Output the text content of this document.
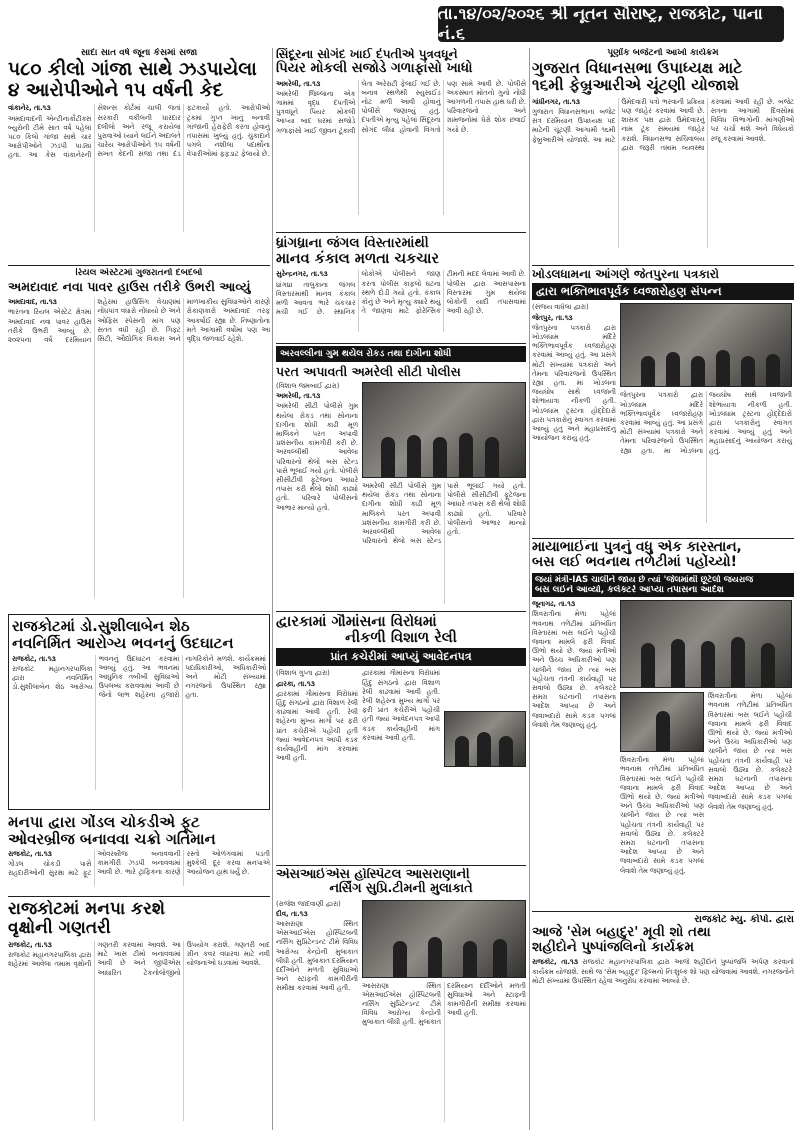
તા.૧૪/૦૨/૨૦૨૬ શ્રી નૂતન સૌરાષ્ટ્ર, રાજકોટ, પાના નં.૬
સાદા સાત વર્ષ જૂના કેસમાં સજા
૫૮૦ કીલો ગાંજા સાથે ઝડપાયેલા
૪ આરોપીઓને ૧૫ વર્ષની કેદ

વાંકાનેર, તા.૧૩

અમદાવાદની એન્ટીનાર્કોટીક્સ બ્યુરોની ટીમે સાત વર્ષ પહેલાં ૫૮૦ કિલો ગાંજા સાથે ચાર આરોપીઓને ઝડપી પાડ્યા હતા. આ કેસ વાંકાનેરની સેશન્સ કોર્ટમાં ચાલી જતાં સરકારી વકીલની ધારદાર દલીલો અને રજૂ કરાયેલા પુરાવાઓ ધ્યાને લઈને અદાલતે ચારેય આરોપીઓને ૧૫ વર્ષની સખત કેદની સજા તથા દંડ ફટકાર્યો હતો. આરોપીઓ ટ્રકમાં ગુપ્ત ખાનું બનાવી ગાંજાની હેરાફેરી કરતા હોવાનું તપાસમાં ખુલ્યું હતું. ચુકાદાને પગલે નશીલા પદાર્થોના વેપારીઓમાં ફફડાટ ફેલાયો છે.

સિંદૂરના સોગંદ ખાઈ દંપતીએ પુત્રવધૂને
પિયર મોકલી સજોડે ગળાફાંસો ખાધો

અમરેલી, તા.૧૩

અમરેલી જિલ્લાના એક ગામમાં વૃદ્ધ દંપતીએ પુત્રવધૂને પિયર મોકલી આપ્યા બાદ ઘરમાં સજોડે ગળાફાંસો ખાઈ જીવન ટૂંકાવી લેતા અરેરાટી ફેલાઈ ગઈ છે. બનાવ સ્થળેથી સ્યુસાઈડ નોટ મળી આવી હોવાનું પોલીસે જણાવ્યું હતું. દંપતીએ મૃત્યુ પહેલાં સિંદૂરના સોગંદ લીધા હોવાની વિગતો પણ સામે આવી છે. પોલીસે અકસ્માત મોતનો ગુનો નોંધી આગળની તપાસ હાથ ધરી છે. પરિવારજનો અને ગ્રામજનોમાં ઘેરો શોક છવાઈ ગયો છે.

પૂર્ણાંક બજેટનો આખો કાર્યક્રમ
ગુજરાત વિધાનસભા ઉપાધ્યક્ષ માટે
૧૬મી ફેબ્રુઆરીએ ચૂંટણી યોજાશે

ગાંધીનગર, તા.૧૩

ગુજરાત વિધાનસભાના બજેટ સત્ર દરમિયાન ઉપાધ્યક્ષ પદ માટેની ચૂંટણી આગામી ૧૬મી ફેબ્રુઆરીએ યોજાશે. આ માટે ઉમેદવારી પત્રો ભરવાની પ્રક્રિયા પણ જાહેર કરવામાં આવી છે. શાસક પક્ષ દ્વારા ઉમેદવારનું નામ ટૂંક સમયમાં જાહેર કરાશે. વિધાનસભા સચિવાલય દ્વારા જરૂરી તમામ વ્યવસ્થા કરવામાં આવી રહી છે. બજેટ સત્રના આગામી દિવસોમાં વિવિધ વિભાગોની માંગણીઓ પર ચર્ચા થશે અને વિધેયકો રજૂ કરવામાં આવશે.

ધ્રાંગધ્રાના જંગલ વિસ્તારમાંથી
માનવ કંકાલ મળતા ચકચાર

સુરેન્દ્રનગર, તા.૧૩

ધ્રાંગધ્રા તાલુકાના જંગલ વિસ્તારમાંથી માનવ કંકાલ મળી આવતા ભારે ચકચાર મચી ગઈ છે. સ્થાનિક લોકોએ પોલીસને જાણ કરતા પોલીસ કાફલો ઘટના સ્થળે દોડી ગયો હતો. કંકાલ કોનું છે અને મૃત્યુ ક્યારે થયું તે જાણવા માટે ફોરેન્સિક ટીમની મદદ લેવામાં આવી છે. પોલીસ દ્વારા આસપાસના વિસ્તારમાં ગુમ થયેલા લોકોની યાદી તપાસવામાં આવી રહી છે.

રિયલ એસ્ટેટમાં ગુજરાતનો દબદબો
અમદાવાદ નવા પાવર હાઉસ તરીકે ઉભરી આવ્યું

અમદાવાદ, તા.૧૩

ભારતના રિયલ એસ્ટેટ ક્ષેત્રમાં અમદાવાદ નવા પાવર હાઉસ તરીકે ઉભરી આવ્યું છે. ૨૦૨૫ના વર્ષ દરમિયાન શહેરમાં હાઉસિંગ વેચાણમાં નોંધપાત્ર વધારો નોંધાયો છે અને ઓફિસ સ્પેસની માંગ પણ સતત વધી રહી છે. ગિફ્ટ સિટી, ઔદ્યોગિક વિકાસ અને માળખાકીય સુવિધાઓને કારણે રોકાણકારો અમદાવાદ તરફ આકર્ષાઈ રહ્યા છે. નિષ્ણાતોના મતે આગામી વર્ષોમાં પણ આ વૃદ્ધિ જળવાઈ રહેશે.

ખોડલધામના આંગણે જેતપુરના પત્રકારો
દ્વારા ભક્તિભાવપૂર્વક ધ્વજારોહણ સંપન્ન

(સંજય વાઘેલા દ્વારા)

જેતપુર, તા.૧૩

જેતપુરના પત્રકારો દ્વારા ખોડલધામ મંદિરે ભક્તિભાવપૂર્વક ધ્વજારોહણ કરવામાં આવ્યું હતું. આ પ્રસંગે મોટી સંખ્યામાં પત્રકારો અને તેમના પરિવારજનો ઉપસ્થિત રહ્યા હતા. મા ખોડલના જયઘોષ સાથે ધ્વજાની શોભાયાત્રા નીકળી હતી. ખોડલધામ ટ્રસ્ટના હોદ્દેદારો દ્વારા પત્રકારોનું સ્વાગત કરવામાં આવ્યું હતું અને મહાપ્રસાદનું આયોજન કરાયું હતું.

જેતપુરના પત્રકારો દ્વારા ખોડલધામ મંદિરે ભક્તિભાવપૂર્વક ધ્વજારોહણ કરવામાં આવ્યું હતું. આ પ્રસંગે મોટી સંખ્યામાં પત્રકારો અને તેમના પરિવારજનો ઉપસ્થિત રહ્યા હતા. મા ખોડલના જયઘોષ સાથે ધ્વજાની શોભાયાત્રા નીકળી હતી. ખોડલધામ ટ્રસ્ટના હોદ્દેદારો દ્વારા પત્રકારોનું સ્વાગત કરવામાં આવ્યું હતું અને મહાપ્રસાદનું આયોજન કરાયું હતું.

અરવલ્લીના ગુમ થયેલ રોકડ તથા દાગીના શોધી
પરત અપાવતી અમરેલી સીટી પોલીસ

(વિશાલ જમબાઈ દ્વારા)

અમરેલી, તા.૧૩

અમરેલી સીટી પોલીસે ગુમ થયેલા રોકડ તથા સોનાના દાગીના શોધી કાઢી મૂળ માલિકને પરત અપાવી પ્રશંસનીય કામગીરી કરી છે. અરવલ્લીથી આવેલા પરિવારનો થેલો બસ સ્ટેન્ડ પાસે ભૂલાઈ ગયો હતો. પોલીસે સીસીટીવી ફૂટેજના આધારે તપાસ કરી થેલો શોધી કાઢ્યો હતો. પરિવારે પોલીસનો આભાર માન્યો હતો.

અમરેલી સીટી પોલીસે ગુમ થયેલા રોકડ તથા સોનાના દાગીના શોધી કાઢી મૂળ માલિકને પરત અપાવી પ્રશંસનીય કામગીરી કરી છે. અરવલ્લીથી આવેલા પરિવારનો થેલો બસ સ્ટેન્ડ પાસે ભૂલાઈ ગયો હતો. પોલીસે સીસીટીવી ફૂટેજના આધારે તપાસ કરી થેલો શોધી કાઢ્યો હતો. પરિવારે પોલીસનો આભાર માન્યો હતો.

માયાભાઈના પુત્રનું વધુ એક કારસ્તાન,
બસ લઈ ભવનાથ તળેટીમાં પહોંચ્યો!
જયાં મંત્રી-IAS ચાલીને જાય છે ત્યાં 'જેલમાંથી છૂટેલો જયરાજ
બસ લઈને આવ્યો, કલેક્ટરે આપ્યા તપાસના આદેશ

જૂનાગઢ, તા.૧૩

શિવરાત્રીના મેળા પહેલાં ભવનાથ તળેટીમાં પ્રતિબંધિત વિસ્તારમાં બસ લઈને પહોંચી જવાના મામલે ફરી વિવાદ ઊભો થયો છે. જ્યાં મંત્રીઓ અને ઉચ્ચ અધિકારીઓ પણ ચાલીને જાય છે ત્યાં બસ પહોંચતા તંત્રની કાર્યવાહી પર સવાલો ઉઠ્યા છે. કલેક્ટરે સમગ્ર ઘટનાની તપાસના આદેશ આપ્યા છે અને જવાબદારો સામે કડક પગલાં લેવાશે તેમ જણાવ્યું હતું.

શિવરાત્રીના મેળા પહેલાં ભવનાથ તળેટીમાં પ્રતિબંધિત વિસ્તારમાં બસ લઈને પહોંચી જવાના મામલે ફરી વિવાદ ઊભો થયો છે. જ્યાં મંત્રીઓ અને ઉચ્ચ અધિકારીઓ પણ ચાલીને જાય છે ત્યાં બસ પહોંચતા તંત્રની કાર્યવાહી પર સવાલો ઉઠ્યા છે. કલેક્ટરે સમગ્ર ઘટનાની તપાસના આદેશ આપ્યા છે અને જવાબદારો સામે કડક પગલાં લેવાશે તેમ જણાવ્યું હતું.

શિવરાત્રીના મેળા પહેલાં ભવનાથ તળેટીમાં પ્રતિબંધિત વિસ્તારમાં બસ લઈને પહોંચી જવાના મામલે ફરી વિવાદ ઊભો થયો છે. જ્યાં મંત્રીઓ અને ઉચ્ચ અધિકારીઓ પણ ચાલીને જાય છે ત્યાં બસ પહોંચતા તંત્રની કાર્યવાહી પર સવાલો ઉઠ્યા છે. કલેક્ટરે સમગ્ર ઘટનાની તપાસના આદેશ આપ્યા છે અને જવાબદારો સામે કડક પગલાં લેવાશે તેમ જણાવ્યું હતું.

રાજકોટમાં ડો.સુશીલાબેન શેઠ
નવનિર્મિત આરોગ્ય ભવનનું ઉદઘાટન

રાજકોટ, તા.૧૩

રાજકોટ મહાનગરપાલિકા દ્વારા નવનિર્મિત ડો.સુશીલાબેન શેઠ આરોગ્ય ભવનનું ઉદઘાટન કરવામાં આવ્યું હતું. આ ભવનમાં આધુનિક તબીબી સુવિધાઓ ઉપલબ્ધ કરાવવામાં આવી છે જેનો લાભ શહેરના હજારો નાગરિકોને મળશે. કાર્યક્રમમાં પદાધિકારીઓ, અધિકારીઓ અને મોટી સંખ્યામાં નગરજનો ઉપસ્થિત રહ્યા હતા.

દ્વારકામાં ગૌમાંસના વિરોધમાં
નીકળી વિશાળ રેલી
પ્રાંત કચેરીમાં આપ્યું આવેદનપત્ર

(વિશાલ ગુપ્તા દ્વારા)

દ્વારકા, તા.૧૩

દ્વારકામાં ગૌમાંસના વિરોધમાં હિંદુ સંગઠનો દ્વારા વિશાળ રેલી કાઢવામાં આવી હતી. રેલી શહેરના મુખ્ય માર્ગો પર ફરી પ્રાંત કચેરીએ પહોંચી હતી જ્યાં આવેદનપત્ર આપી કડક કાર્યવાહીની માંગ કરવામાં આવી હતી.

દ્વારકામાં ગૌમાંસના વિરોધમાં હિંદુ સંગઠનો દ્વારા વિશાળ રેલી કાઢવામાં આવી હતી. રેલી શહેરના મુખ્ય માર્ગો પર ફરી પ્રાંત કચેરીએ પહોંચી હતી જ્યાં આવેદનપત્ર આપી કડક કાર્યવાહીની માંગ કરવામાં આવી હતી.

મનપા દ્વારા ગોંડલ ચોકડીએ ફૂટ
ઓવરબ્રીજ બનાવવા ચક્રો ગતિમાન

રાજકોટ, તા.૧૩

ગોંડલ ચોકડી પાસે રાહદારીઓની સુરક્ષા માટે ફૂટ ઓવરબ્રીજ બનાવવાની કામગીરી ઝડપી બનાવવામાં આવી છે. ભારે ટ્રાફિકના કારણે રસ્તો ઓળંગવામાં પડતી મુશ્કેલી દૂર કરવા મનપાએ આયોજન હાથ ધર્યું છે.

રાજકોટમાં મનપા કરશે
વૃક્ષોની ગણતરી

રાજકોટ, તા.૧૩

રાજકોટ મહાનગરપાલિકા દ્વારા શહેરમાં આવેલા તમામ વૃક્ષોની ગણતરી કરવામાં આવશે. આ માટે ખાસ ટીમો બનાવવામાં આવી છે અને જીપીએસ આધારિત ટેકનોલોજીનો ઉપયોગ કરાશે. ગણતરી બાદ ગ્રીન કવર વધારવા માટે નવી યોજનાઓ ઘડવામાં આવશે.

એસઆઈએસ હોસ્પિટલ આસરાણાની
નર્સિંગ સુપ્રિ.ટીમની મુલાકાતે

(રાજેશ જાદવાણી દ્વારા)

દીવ, તા.૧૩

આસરાણા સ્થિત એસઆઈએસ હોસ્પિટલની નર્સિંગ સુપ્રિટેન્ડન્ટ ટીમે વિવિધ આરોગ્ય કેન્દ્રોની મુલાકાત લીધી હતી. મુલાકાત દરમિયાન દર્દીઓને મળતી સુવિધાઓ અને સ્ટાફની કામગીરીની સમીક્ષા કરવામાં આવી હતી.	આસરાણા સ્થિત એસઆઈએસ હોસ્પિટલની નર્સિંગ સુપ્રિટેન્ડન્ટ ટીમે વિવિધ આરોગ્ય કેન્દ્રોની મુલાકાત લીધી હતી. મુલાકાત દરમિયાન દર્દીઓને મળતી સુવિધાઓ અને સ્ટાફની કામગીરીની સમીક્ષા કરવામાં આવી હતી.

રાજકોટ મ્યુ. કોર્પો. દ્વારા
આજે 'સેમ બહાદુર' મૂવી શો તથા
શહીદોને પુષ્પાંજલિનો કાર્યક્રમ

રાજકોટ, તા.૧૩ રાજકોટ મહાનગરપાલિકા દ્વારા આજે શહીદોને પુષ્પાંજલિ અર્પણ કરવાનો કાર્યક્રમ યોજાશે. સાથે જ 'સેમ બહાદુર' ફિલ્મનો નિઃશુલ્ક શો પણ યોજવામાં આવશે. નગરજનોને મોટી સંખ્યામાં ઉપસ્થિત રહેવા અનુરોધ કરવામાં આવ્યો છે.
